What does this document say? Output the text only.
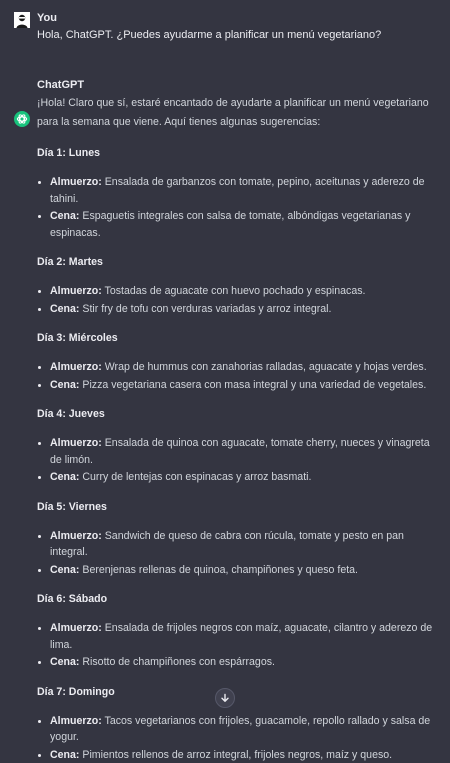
You
Hola, ChatGPT. ¿Puedes ayudarme a planificar un menú vegetariano?
ChatGPT
¡Hola! Claro que sí, estaré encantado de ayudarte a planificar un menú vegetariano para la semana que viene. Aquí tienes algunas sugerencias:
Día 1: Lunes
Almuerzo: Ensalada de garbanzos con tomate, pepino, aceitunas y aderezo de tahini.
Cena: Espaguetis integrales con salsa de tomate, albóndigas vegetarianas y espinacas.
Día 2: Martes
Almuerzo: Tostadas de aguacate con huevo pochado y espinacas.
Cena: Stir fry de tofu con verduras variadas y arroz integral.
Día 3: Miércoles
Almuerzo: Wrap de hummus con zanahorias ralladas, aguacate y hojas verdes.
Cena: Pizza vegetariana casera con masa integral y una variedad de vegetales.
Día 4: Jueves
Almuerzo: Ensalada de quinoa con aguacate, tomate cherry, nueces y vinagreta de limón.
Cena: Curry de lentejas con espinacas y arroz basmati.
Día 5: Viernes
Almuerzo: Sandwich de queso de cabra con rúcula, tomate y pesto en pan integral.
Cena: Berenjenas rellenas de quinoa, champiñones y queso feta.
Día 6: Sábado
Almuerzo: Ensalada de frijoles negros con maíz, aguacate, cilantro y aderezo de lima.
Cena: Risotto de champiñones con espárragos.
Día 7: Domingo
Almuerzo: Tacos vegetarianos con frijoles, guacamole, repollo rallado y salsa de yogur.
Cena: Pimientos rellenos de arroz integral, frijoles negros, maíz y queso.
